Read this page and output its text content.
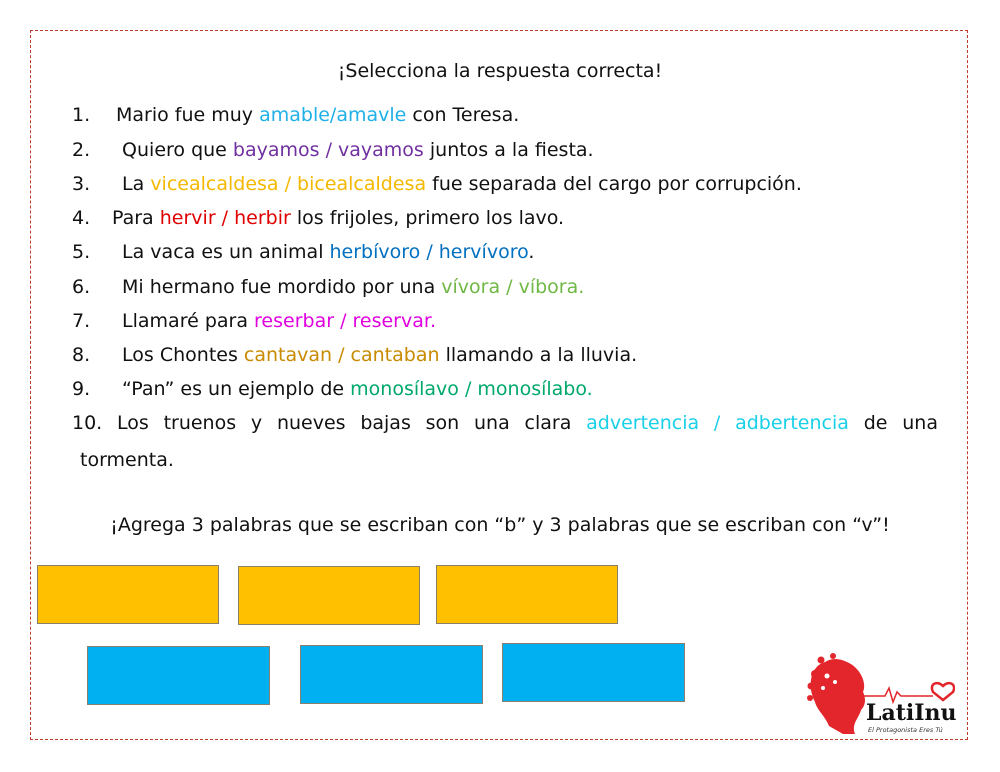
¡Selecciona la respuesta correcta!
1. Mario fue muy amable/amavle con Teresa.
2. Quiero que bayamos / vayamos juntos a la fiesta.
3. La vicealcaldesa / bicealcaldesa fue separada del cargo por corrupción.
4. Para hervir / herbir los frijoles, primero los lavo.
5. La vaca es un animal herbívoro / hervívoro.
6. Mi hermano fue mordido por una vívora / víbora.
7. Llamaré para reserbar / reservar.
8. Los Chontes cantavan / cantaban llamando a la lluvia.
9. “Pan” es un ejemplo de monosílavo / monosílabo.
10. Los truenos y nueves bajas son una clara advertencia / adbertencia de una
tormenta.
¡Agrega 3 palabras que se escriban con “b” y 3 palabras que se escriban con “v”!
LatiInu
El Protagonista Eres Tú
